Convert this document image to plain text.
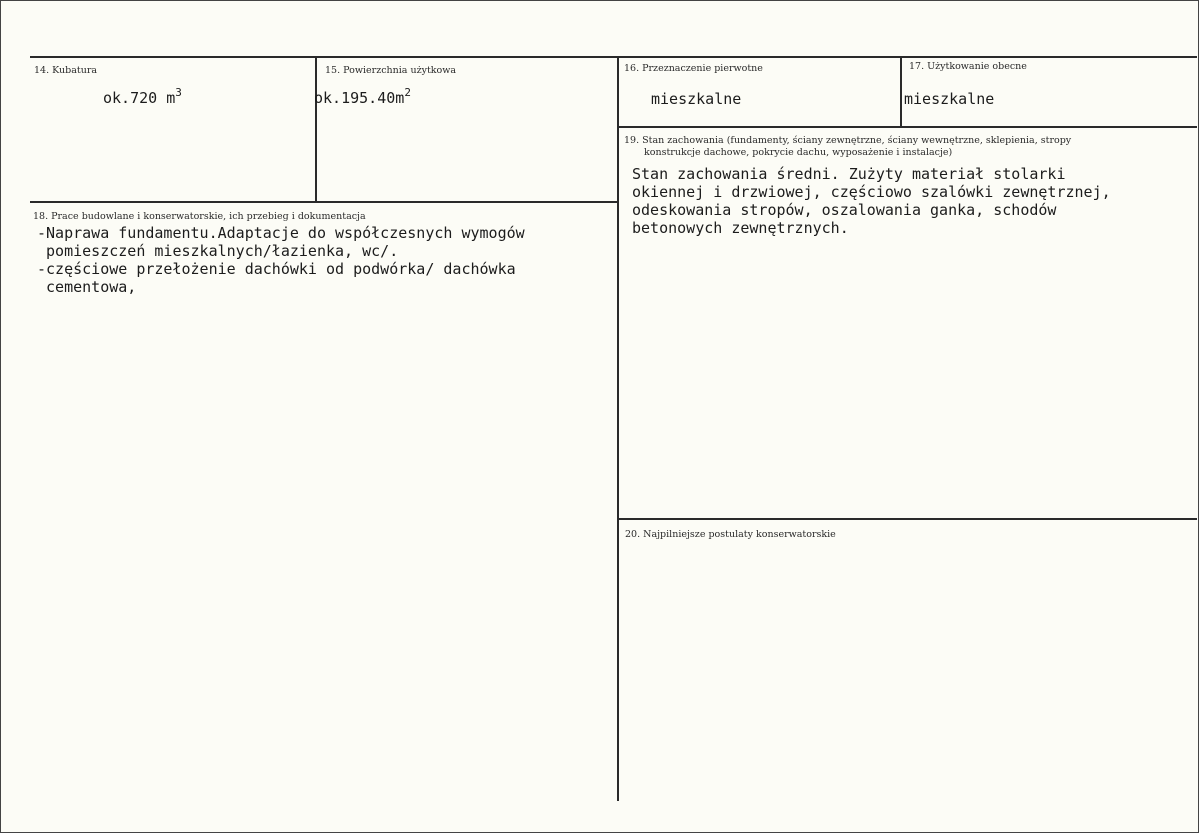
14. Kubatura
ok.720 $m^3$
15. Powierzchnia użytkowa
$ok.195.40m^2$
16. Przeznaczenie pierwotne
mieszkalne
17. Użytkowanie obecne
mieszkalne
18. Prace budowlane i konserwatorskie, ich przebieg i dokumentacja
-Naprawa fundamentu.Adaptacje do współczesnych wymogów
pomieszczeń mieszkalnych/łazienka, wc/.
-częściowe przełożenie dachówki od podwórka/ dachówka
cementowa,
19. Stan zachowania (fundamenty, ściany zewnętrzne, ściany wewnętrzne, sklepienia, stropy
konstrukcje dachowe, pokrycie dachu, wyposażenie i instalacje)
Stan zachowania średni. Zużyty materiał stolarki
okiennej i drzwiowej, częściowo szalówki zewnętrznej,
odeskowania stropów, oszalowania ganka, schodów
betonowych zewnętrznych.
20. Najpilniejsze postulaty konserwatorskie
